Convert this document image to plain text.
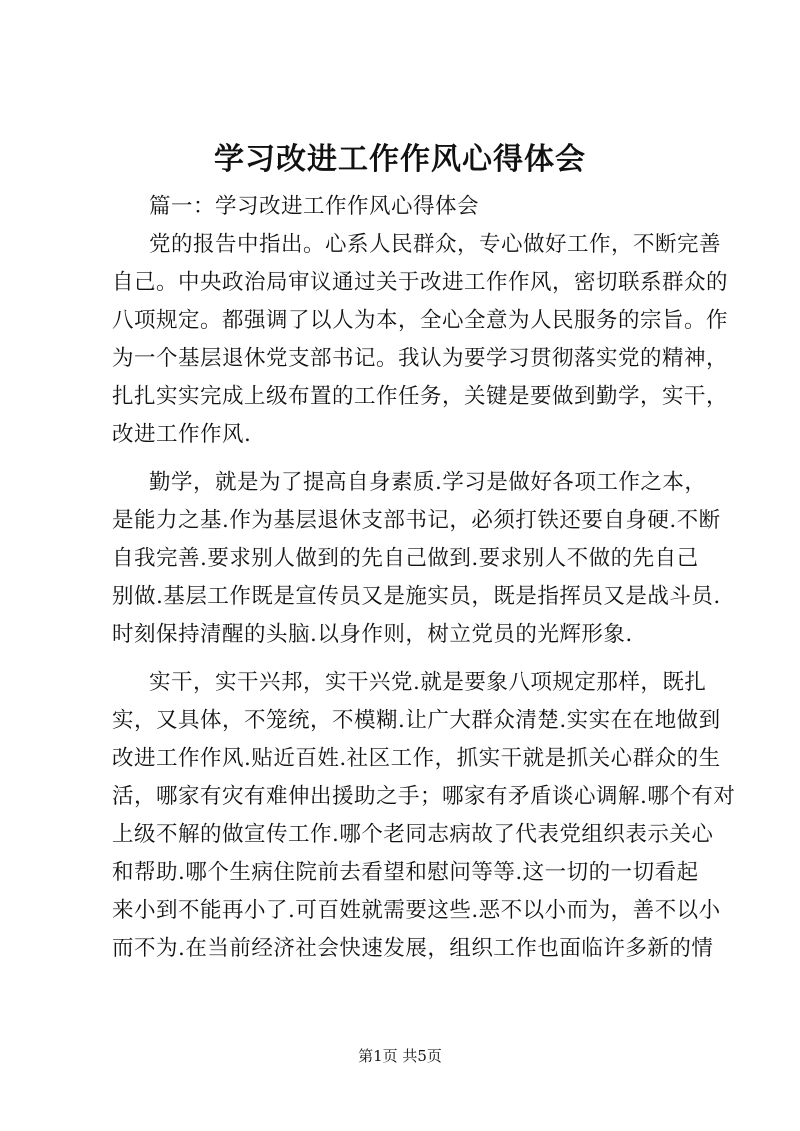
学习改进工作作风心得体会
篇一：学习改进工作作风心得体会
党的报告中指出。心系人民群众，专心做好工作，不断完善
自己。中央政治局审议通过关于改进工作作风，密切联系群众的
八项规定。都强调了以人为本，全心全意为人民服务的宗旨。作
为一个基层退休党支部书记。我认为要学习贯彻落实党的精神，
扎扎实实完成上级布置的工作任务，关键是要做到勤学，实干，
改进工作作风.
勤学，就是为了提高自身素质.学习是做好各项工作之本，
是能力之基.作为基层退休支部书记，必须打铁还要自身硬.不断
自我完善.要求别人做到的先自己做到.要求别人不做的先自己
别做.基层工作既是宣传员又是施实员，既是指挥员又是战斗员.
时刻保持清醒的头脑.以身作则，树立党员的光辉形象.
实干，实干兴邦，实干兴党.就是要象八项规定那样，既扎
实，又具体，不笼统，不模糊.让广大群众清楚.实实在在地做到
改进工作作风.贴近百姓.社区工作，抓实干就是抓关心群众的生
活，哪家有灾有难伸出援助之手；哪家有矛盾谈心调解.哪个有对
上级不解的做宣传工作.哪个老同志病故了代表党组织表示关心
和帮助.哪个生病住院前去看望和慰问等等.这一切的一切看起
来小到不能再小了.可百姓就需要这些.恶不以小而为，善不以小
而不为.在当前经济社会快速发展，组织工作也面临许多新的情
第1页 共5页
